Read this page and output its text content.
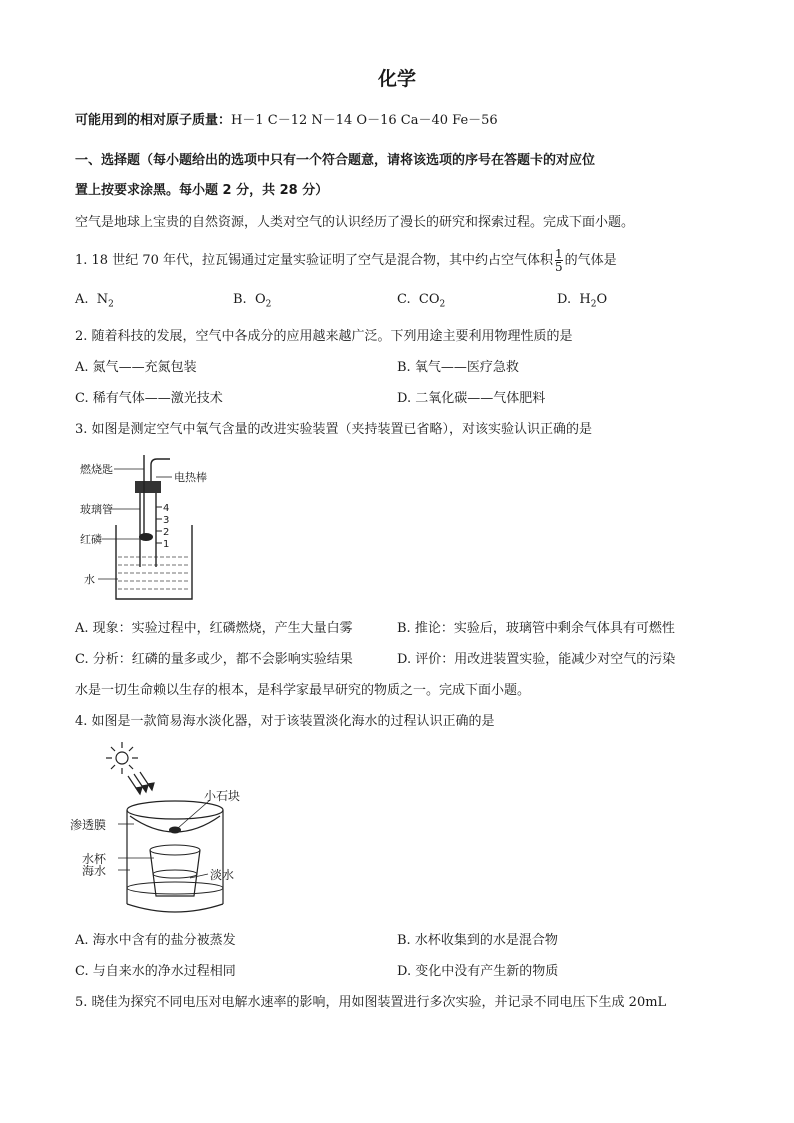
化学
可能用到的相对原子质量：H－1 C－12 N－14 O－16 Ca－40 Fe－56
一、选择题（每小题给出的选项中只有一个符合题意，请将该选项的序号在答题卡的对应位
置上按要求涂黑。每小题 2 分，共 28 分）
空气是地球上宝贵的自然资源，人类对空气的认识经历了漫长的研究和探索过程。完成下面小题。
1. 18 世纪 70 年代，拉瓦锡通过定量实验证明了空气是混合物，其中约占空气体积 $\frac{1}{5}$ 的气体是
A. $N_2$	B. $O_2$	C. $CO_2$	D. $H_2O$
2. 随着科技的发展，空气中各成分的应用越来越广泛。下列用途主要利用物理性质的是
A. 氮气——充氮包装	B. 氧气——医疗急救
C. 稀有气体——激光技术	D. 二氧化碳——气体肥料
3. 如图是测定空气中氧气含量的改进实验装置（夹持装置已省略），对该实验认识正确的是
4
3
2
1
燃烧匙
电热棒
玻璃管
红磷
水
A. 现象：实验过程中，红磷燃烧，产生大量白雾	B. 推论：实验后，玻璃管中剩余气体具有可燃性
C. 分析：红磷的量多或少，都不会影响实验结果	D. 评价：用改进装置实验，能减少对空气的污染
水是一切生命赖以生存的根本，是科学家最早研究的物质之一。完成下面小题。
4. 如图是一款简易海水淡化器，对于该装置淡化海水的过程认识正确的是
小石块
渗透膜
水杯
淡水
海水
A. 海水中含有的盐分被蒸发	B. 水杯收集到的水是混合物
C. 与自来水的净水过程相同	D. 变化中没有产生新的物质
5. 晓佳为探究不同电压对电解水速率的影响，用如图装置进行多次实验，并记录不同电压下生成 20mL
